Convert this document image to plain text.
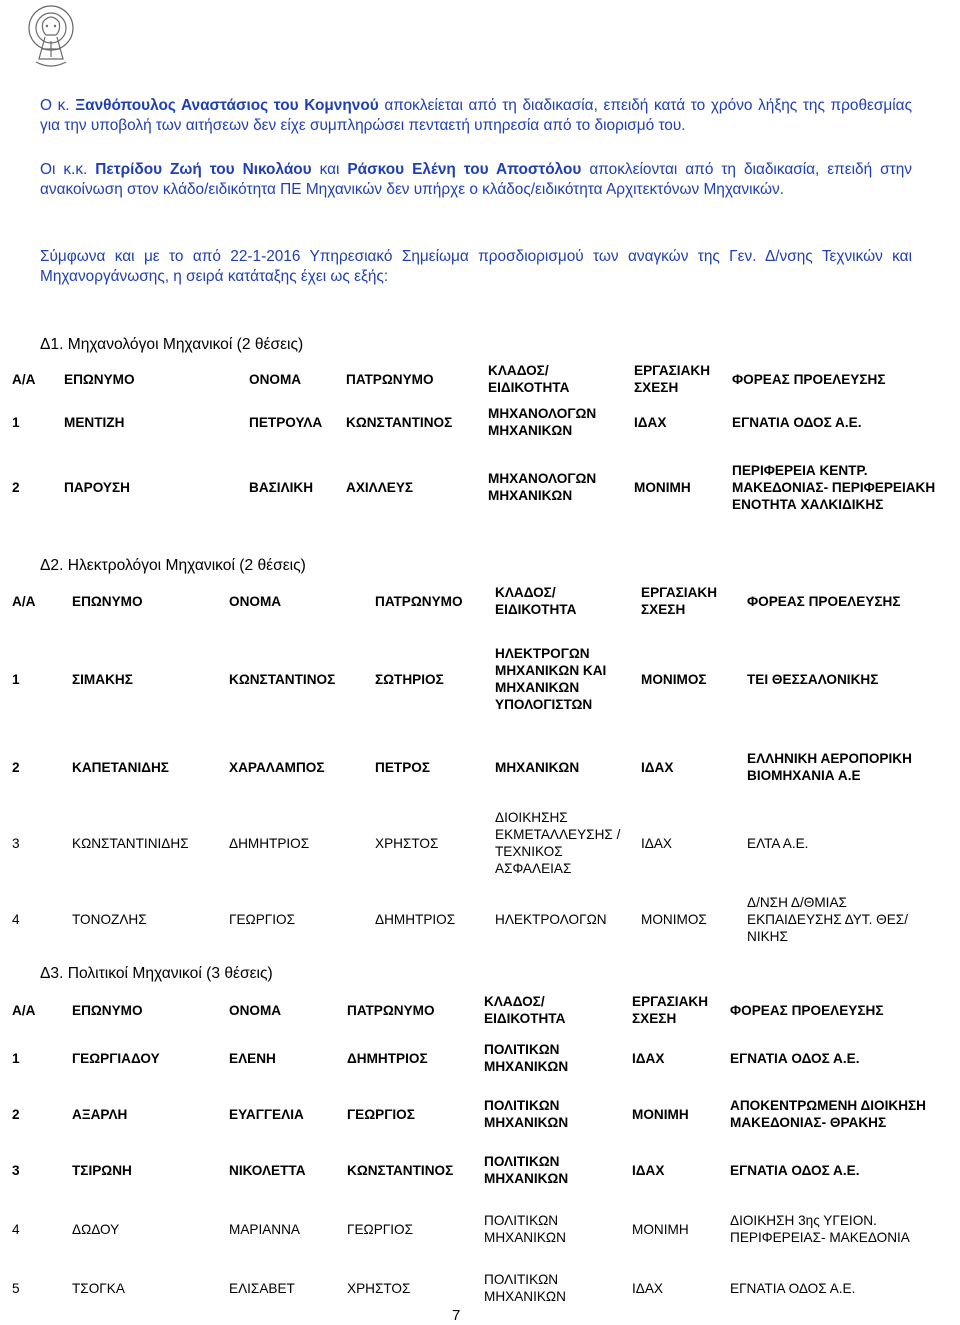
Ο κ. Ξανθόπουλος Αναστάσιος του Κομνηνού αποκλείεται από τη διαδικασία, επειδή κατά το χρόνο λήξης της προθεσμίας για την υποβολή των αιτήσεων δεν είχε συμπληρώσει πενταετή υπηρεσία από το διορισμό του.

Οι κ.κ. Πετρίδου Ζωή του Νικολάου και Ράσκου Ελένη του Αποστόλου αποκλείονται από τη διαδικασία, επειδή στην ανακοίνωση στον κλάδο/ειδικότητα ΠΕ Μηχανικών δεν υπήρχε ο κλάδος/ειδικότητα Αρχιτεκτόνων Μηχανικών.

Σύμφωνα και με το από 22-1-2016 Υπηρεσιακό Σημείωμα προσδιορισμού των αναγκών της Γεν. Δ/νσης Τεχνικών και Μηχανοργάνωσης, η σειρά κατάταξης έχει ως εξής:

Δ1. Μηχανολόγοι Μηχανικοί (2 θέσεις)
Α/Α	ΕΠΩΝΥΜΟ	ΟΝΟΜΑ	ΠΑΤΡΩΝΥΜΟ	ΚΛΑΔΟΣ/ ΕΙΔΙΚΟΤΗΤΑ	ΕΡΓΑΣΙΑΚΗ ΣΧΕΣΗ	ΦΟΡΕΑΣ ΠΡΟΕΛΕΥΣΗΣ
1	ΜΕΝΤΙΖΗ	ΠΕΤΡΟΥΛΑ	ΚΩΝΣΤΑΝΤΙΝΟΣ	ΜΗΧΑΝΟΛΟΓΩΝ ΜΗΧΑΝΙΚΩΝ	ΙΔΑΧ	ΕΓΝΑΤΙΑ ΟΔΟΣ Α.Ε.
2	ΠΑΡΟΥΣΗ	ΒΑΣΙΛΙΚΗ	ΑΧΙΛΛΕΥΣ	ΜΗΧΑΝΟΛΟΓΩΝ ΜΗΧΑΝΙΚΩΝ	ΜΟΝΙΜΗ	ΠΕΡΙΦΕΡΕΙΑ ΚΕΝΤΡ. ΜΑΚΕΔΟΝΙΑΣ- ΠΕΡΙΦΕΡΕΙΑΚΗ ΕΝΟΤΗΤΑ ΧΑΛΚΙΔΙΚΗΣ
Δ2. Ηλεκτρολόγοι Μηχανικοί (2 θέσεις)
Α/Α	ΕΠΩΝΥΜΟ	ΟΝΟΜΑ	ΠΑΤΡΩΝΥΜΟ	ΚΛΑΔΟΣ/ ΕΙΔΙΚΟΤΗΤΑ	ΕΡΓΑΣΙΑΚΗ ΣΧΕΣΗ	ΦΟΡΕΑΣ ΠΡΟΕΛΕΥΣΗΣ
1	ΣΙΜΑΚΗΣ	ΚΩΝΣΤΑΝΤΙΝΟΣ	ΣΩΤΗΡΙΟΣ	ΗΛΕΚΤΡΟΓΩΝ ΜΗΧΑΝΙΚΩΝ ΚΑΙ ΜΗΧΑΝΙΚΩΝ ΥΠΟΛΟΓΙΣΤΩΝ	ΜΟΝΙΜΟΣ	ΤΕΙ ΘΕΣΣΑΛΟΝΙΚΗΣ
2	ΚΑΠΕΤΑΝΙΔΗΣ	ΧΑΡΑΛΑΜΠΟΣ	ΠΕΤΡΟΣ	ΜΗΧΑΝΙΚΩΝ	ΙΔΑΧ	ΕΛΛΗΝΙΚΗ ΑΕΡΟΠΟΡΙΚΗ ΒΙΟΜΗΧΑΝΙΑ Α.Ε
3	ΚΩΝΣΤΑΝΤΙΝΙΔΗΣ	ΔΗΜΗΤΡΙΟΣ	ΧΡΗΣΤΟΣ	ΔΙΟΙΚΗΣΗΣ ΕΚΜΕΤΑΛΛΕΥΣΗΣ /ΤΕΧΝΙΚΟΣ ΑΣΦΑΛΕΙΑΣ	ΙΔΑΧ	ΕΛΤΑ Α.Ε.
4	ΤΟΝΟΖΛΗΣ	ΓΕΩΡΓΙΟΣ	ΔΗΜΗΤΡΙΟΣ	ΗΛΕΚΤΡΟΛΟΓΩΝ	ΜΟΝΙΜΟΣ	Δ/ΝΣΗ Δ/ΘΜΙΑΣ ΕΚΠΑΙΔΕΥΣΗΣ ΔΥΤ. ΘΕΣ/ΝΙΚΗΣ
Δ3. Πολιτικοί Μηχανικοί (3 θέσεις)
Α/Α	ΕΠΩΝΥΜΟ	ΟΝΟΜΑ	ΠΑΤΡΩΝΥΜΟ	ΚΛΑΔΟΣ/ ΕΙΔΙΚΟΤΗΤΑ	ΕΡΓΑΣΙΑΚΗ ΣΧΕΣΗ	ΦΟΡΕΑΣ ΠΡΟΕΛΕΥΣΗΣ
1	ΓΕΩΡΓΙΑΔΟΥ	ΕΛΕΝΗ	ΔΗΜΗΤΡΙΟΣ	ΠΟΛΙΤΙΚΩΝ ΜΗΧΑΝΙΚΩΝ	ΙΔΑΧ	ΕΓΝΑΤΙΑ ΟΔΟΣ Α.Ε.
2	ΑΞΑΡΛΗ	ΕΥΑΓΓΕΛΙΑ	ΓΕΩΡΓΙΟΣ	ΠΟΛΙΤΙΚΩΝ ΜΗΧΑΝΙΚΩΝ	ΜΟΝΙΜΗ	ΑΠΟΚΕΝΤΡΩΜΕΝΗ ΔΙΟΙΚΗΣΗ ΜΑΚΕΔΟΝΙΑΣ- ΘΡΑΚΗΣ
3	ΤΣΙΡΩΝΗ	ΝΙΚΟΛΕΤΤΑ	ΚΩΝΣΤΑΝΤΙΝΟΣ	ΠΟΛΙΤΙΚΩΝ ΜΗΧΑΝΙΚΩΝ	ΙΔΑΧ	ΕΓΝΑΤΙΑ ΟΔΟΣ Α.Ε.
4	ΔΩΔΟΥ	ΜΑΡΙΑΝΝΑ	ΓΕΩΡΓΙΟΣ	ΠΟΛΙΤΙΚΩΝ ΜΗΧΑΝΙΚΩΝ	ΜΟΝΙΜΗ	ΔΙΟΙΚΗΣΗ 3ης ΥΓΕΙΟΝ. ΠΕΡΙΦΕΡΕΙΑΣ- ΜΑΚΕΔΟΝΙΑ
5	ΤΣΟΓΚΑ	ΕΛΙΣΑΒΕΤ	ΧΡΗΣΤΟΣ	ΠΟΛΙΤΙΚΩΝ ΜΗΧΑΝΙΚΩΝ	ΙΔΑΧ	ΕΓΝΑΤΙΑ ΟΔΟΣ Α.Ε.
7
